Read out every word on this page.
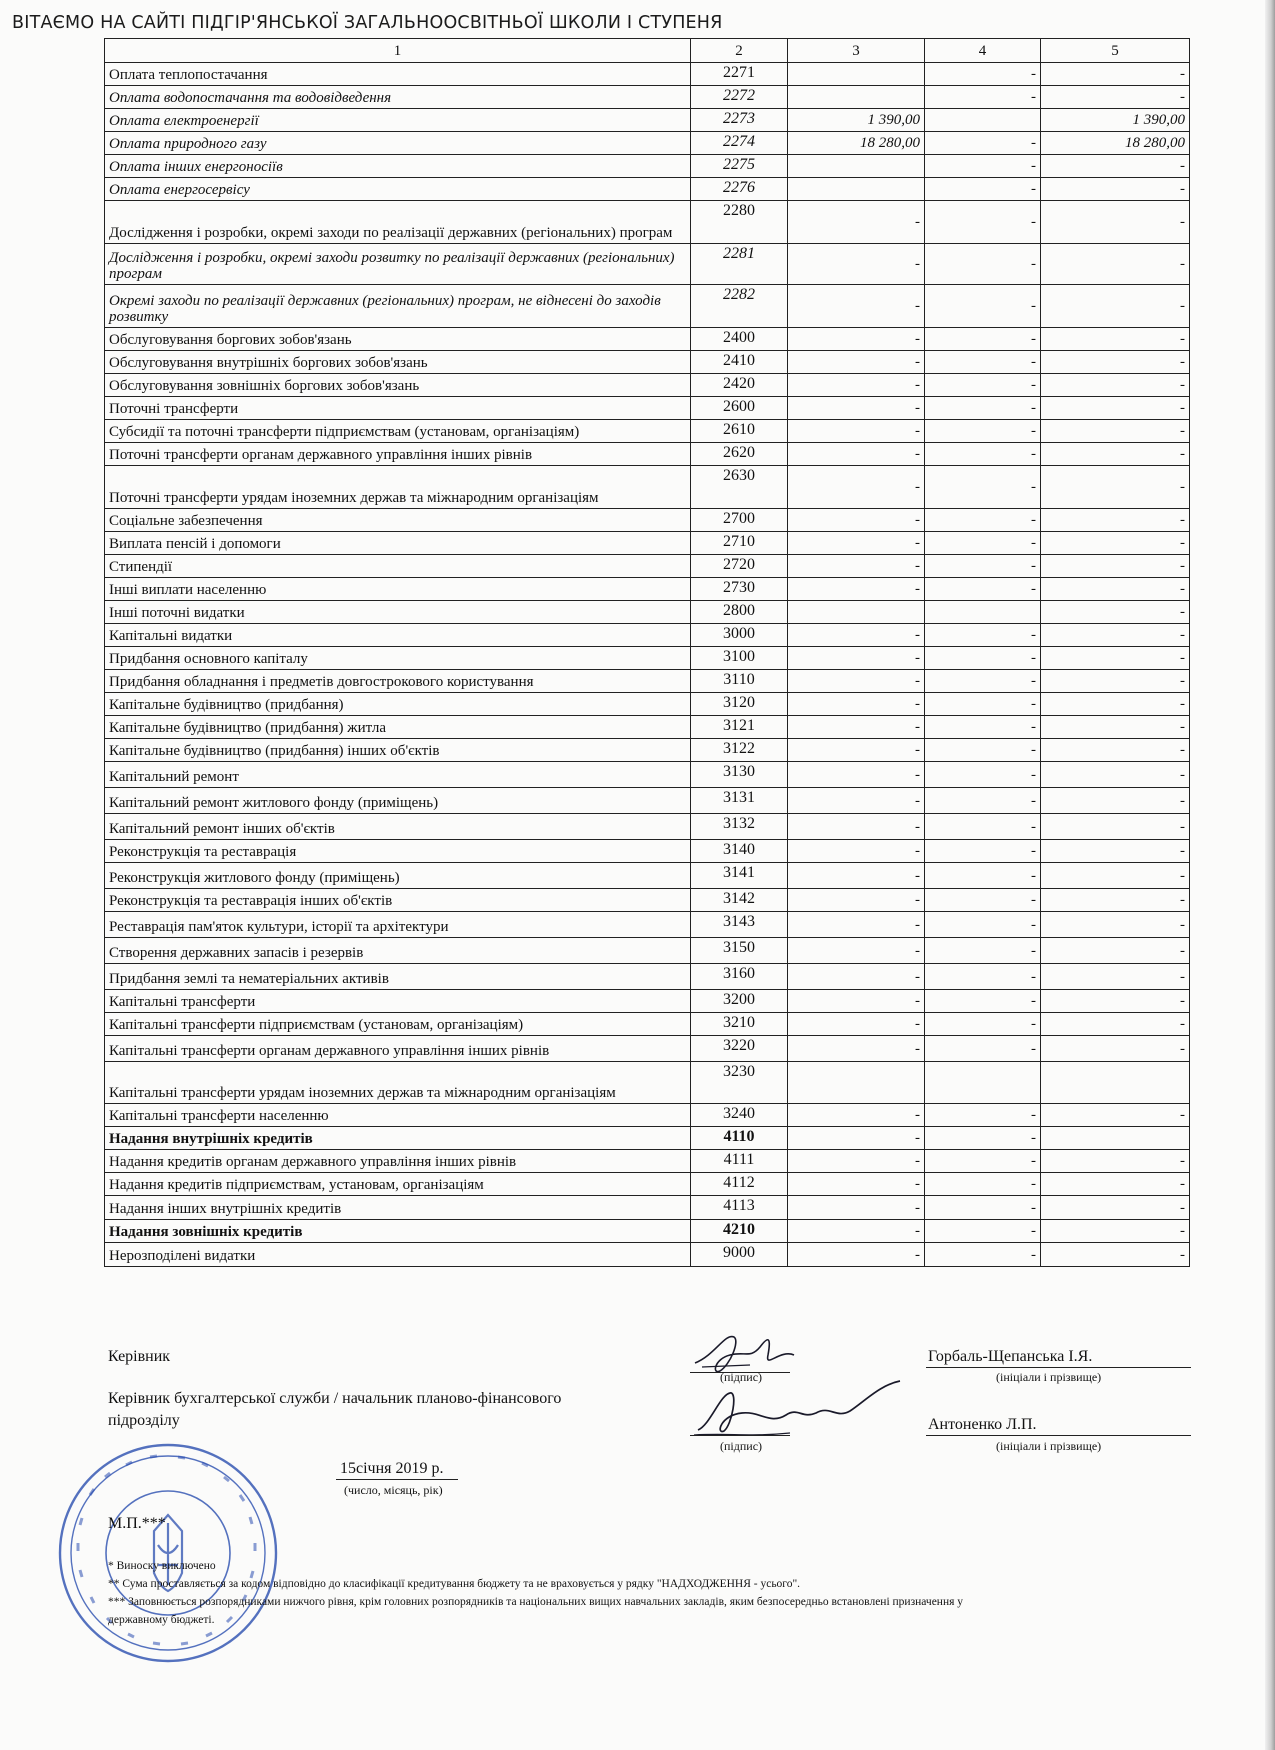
ВІТАЄМО НА САЙТІ ПІДГІР'ЯНСЬКОЇ ЗАГАЛЬНООСВІТНЬОЇ ШКОЛИ І СТУПЕНЯ
1	2	3	4	5
Оплата теплопостачання	2271		-	-
Оплата водопостачання та водовідведення	2272		-	-
Оплата електроенергії	2273	1 390,00		1 390,00
Оплата природного газу	2274	18 280,00	-	18 280,00
Оплата інших енергоносіїв	2275		-	-
Оплата енергосервісу	2276		-	-
Дослідження і розробки, окремі заходи по реалізації державних (регіональних) програм	2280	-	-	-
Дослідження і розробки, окремі заходи розвитку по реалізації державних (регіональних) програм	2281	-	-	-
Окремі заходи по реалізації державних (регіональних) програм, не віднесені до заходів розвитку	2282	-	-	-
Обслуговування боргових зобов'язань	2400	-	-	-
Обслуговування внутрішніх боргових зобов'язань	2410	-	-	-
Обслуговування зовнішніх боргових зобов'язань	2420	-	-	-
Поточні трансферти	2600	-	-	-
Субсидії та поточні трансферти підприємствам (установам, організаціям)	2610	-	-	-
Поточні трансферти органам державного управління інших рівнів	2620	-	-	-
Поточні трансферти урядам іноземних держав та міжнародним організаціям	2630	-	-	-
Соціальне забезпечення	2700	-	-	-
Виплата пенсій і допомоги	2710	-	-	-
Стипендії	2720	-	-	-
Інші виплати населенню	2730	-	-	-
Інші поточні видатки	2800			-
Капітальні видатки	3000	-	-	-
Придбання основного капіталу	3100	-	-	-
Придбання обладнання і предметів довгострокового користування	3110	-	-	-
Капітальне будівництво (придбання)	3120	-	-	-
Капітальне будівництво (придбання) житла	3121	-	-	-
Капітальне будівництво (придбання) інших об'єктів	3122	-	-	-
Капітальний ремонт	3130	-	-	-
Капітальний ремонт житлового фонду (приміщень)	3131	-	-	-
Капітальний ремонт інших об'єктів	3132	-	-	-
Реконструкція та реставрація	3140	-	-	-
Реконструкція житлового фонду (приміщень)	3141	-	-	-
Реконструкція та реставрація інших об'єктів	3142	-	-	-
Реставрація пам'яток культури, історії та архітектури	3143	-	-	-
Створення державних запасів і резервів	3150	-	-	-
Придбання землі та нематеріальних активів	3160	-	-	-
Капітальні трансферти	3200	-	-	-
Капітальні трансферти підприємствам (установам, організаціям)	3210	-	-	-
Капітальні трансферти органам державного управління інших рівнів	3220	-	-	-
Капітальні трансферти урядам іноземних держав та міжнародним організаціям	3230			
Капітальні трансферти населенню	3240	-	-	-
Надання внутрішніх кредитів	4110	-	-	
Надання кредитів органам державного управління інших рівнів	4111	-	-	-
Надання кредитів підприємствам, установам, організаціям	4112	-	-	-
Надання інших внутрішніх кредитів	4113	-	-	-
Надання зовнішніх кредитів	4210	-	-	-
Нерозподілені видатки	9000	-	-	-
Керівник
(підпис)
Горбаль-Щепанська І.Я.
(ініціали і прізвище)
Керівник бухгалтерської служби / начальник планово-фінансового
підрозділу
(підпис)
Антоненко Л.П.
(ініціали і прізвище)
15січня 2019 р.
(число, місяць, рік)
М.П.***
* Виноску виключено
** Сума проставляється за кодом відповідно до класифікації кредитування бюджету та не враховується у рядку "НАДХОДЖЕННЯ - усього".
*** Заповнюється розпорядниками нижчого рівня, крім головних розпорядників та національних вищих навчальних закладів, яким безпосередньо встановлені призначення у
державному бюджеті.
